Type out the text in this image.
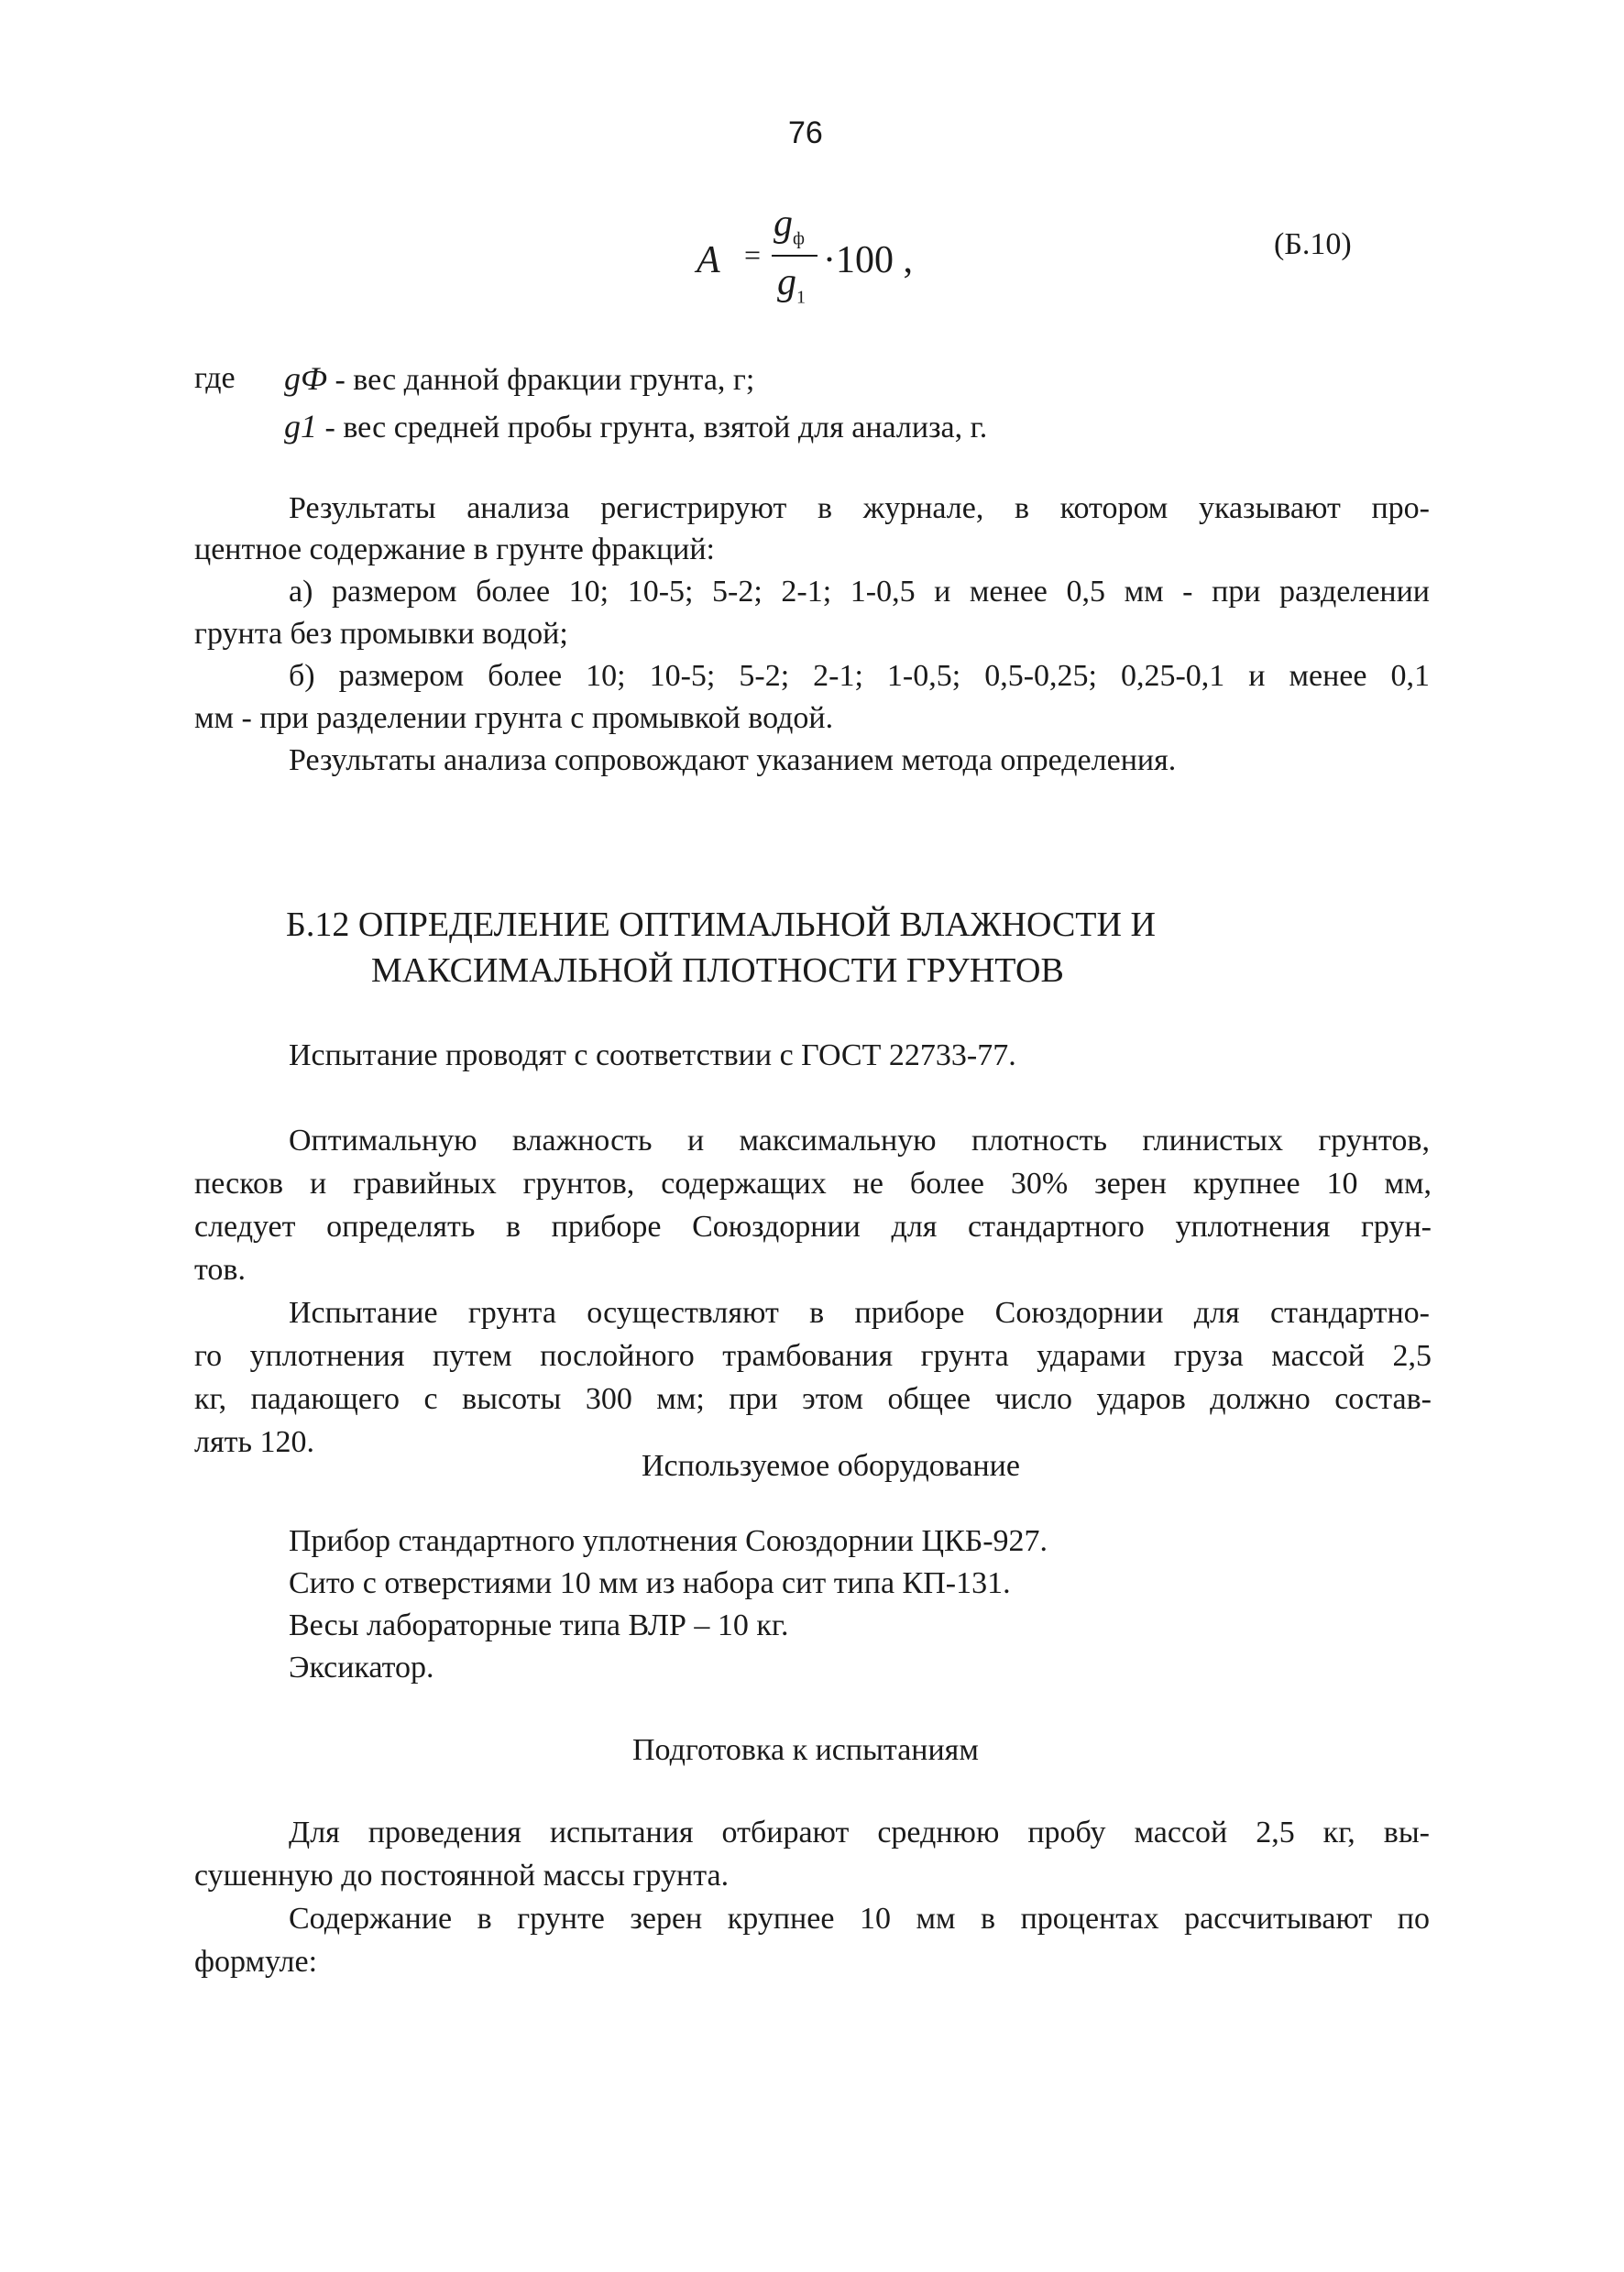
76
A =
$g_ф$
$g_1$
·100 ,	(Б.10)
где gФ - вес данной фракции грунта, г;
g1 - вес средней пробы грунта, взятой для анализа, г.
Результаты анализа регистрируют в журнале, в котором указывают про-
центное содержание в грунте фракций:
а) размером более 10; 10-5; 5-2; 2-1; 1-0,5 и менее 0,5 мм - при разделении
грунта без промывки водой;
б) размером более 10; 10-5; 5-2; 2-1; 1-0,5; 0,5-0,25; 0,25-0,1 и менее 0,1
мм - при разделении грунта с промывкой водой.
Результаты анализа сопровождают указанием метода определения.
Б.12 ОПРЕДЕЛЕНИЕ ОПТИМАЛЬНОЙ ВЛАЖНОСТИ И
МАКСИМАЛЬНОЙ ПЛОТНОСТИ ГРУНТОВ
Испытание проводят с соответствии с ГОСТ 22733-77.
Оптимальную влажность и максимальную плотность глинистых грунтов,
песков и гравийных грунтов, содержащих не более 30% зерен крупнее 10 мм,
следует определять в приборе Союздорнии для стандартного уплотнения грун-
тов.
Испытание грунта осуществляют в приборе Союздорнии для стандартно-
го уплотнения путем послойного трамбования грунта ударами груза массой 2,5
кг, падающего с высоты 300 мм; при этом общее число ударов должно состав-
лять 120.
Используемое оборудование
Прибор стандартного уплотнения Союздорнии ЦКБ-927.
Сито с отверстиями 10 мм из набора сит типа КП-131.
Весы лабораторные типа ВЛР – 10 кг.
Эксикатор.
Подготовка к испытаниям
Для проведения испытания отбирают среднюю пробу массой 2,5 кг, вы-
сушенную до постоянной массы грунта.
Содержание в грунте зерен крупнее 10 мм в процентах рассчитывают по
формуле:
